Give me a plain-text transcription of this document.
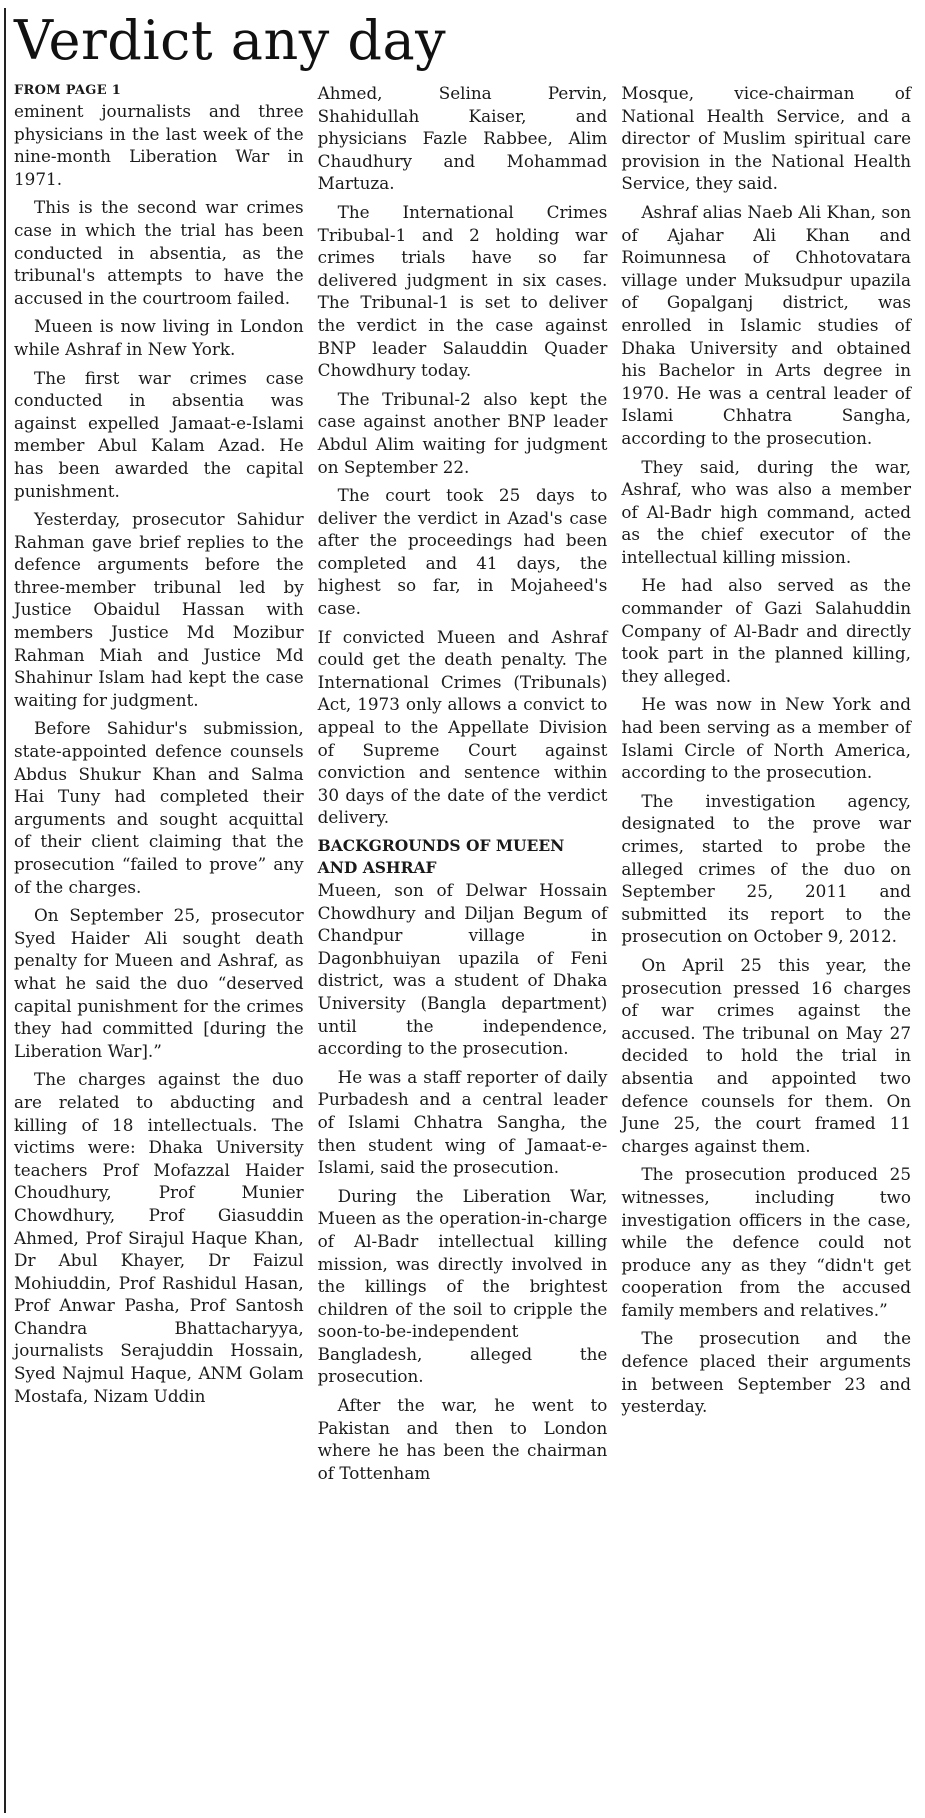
Verdict any day
FROM PAGE 1

eminent journalists and three physicians in the last week of the nine-month Liberation War in 1971.

This is the second war crimes case in which the trial has been conducted in absentia, as the tribunal's attempts to have the accused in the courtroom failed.

Mueen is now living in London while Ashraf in New York.

The first war crimes case conducted in absentia was against expelled Jamaat-e-Islami member Abul Kalam Azad. He has been awarded the capital punishment.

Yesterday, prosecutor Sahidur Rahman gave brief replies to the defence arguments before the three-member tribunal led by Justice Obaidul Hassan with members Justice Md Mozibur Rahman Miah and Justice Md Shahinur Islam had kept the case waiting for judgment.

Before Sahidur's submission, state-appointed defence counsels Abdus Shukur Khan and Salma Hai Tuny had completed their arguments and sought acquittal of their client claiming that the prosecution “failed to prove” any of the charges.

On September 25, prosecutor Syed Haider Ali sought death penalty for Mueen and Ashraf, as what he said the duo “deserved capital punishment for the crimes they had committed [during the Liberation War].”

The charges against the duo are related to abducting and killing of 18 intellectuals. The victims were: Dhaka University teachers Prof Mofazzal Haider Choudhury, Prof Munier Chowdhury, Prof Giasuddin Ahmed, Prof Sirajul Haque Khan, Dr Abul Khayer, Dr Faizul Mohiuddin, Prof Rashidul Hasan, Prof Anwar Pasha, Prof Santosh Chandra Bhattacharyya, journalists Serajuddin Hossain, Syed Najmul Haque, ANM Golam Mostafa, Nizam Uddin

Ahmed, Selina Pervin, Shahidullah Kaiser, and physicians Fazle Rabbee, Alim Chaudhury and Mohammad Martuza.

The International Crimes Tribubal-1 and 2 holding war crimes trials have so far delivered judgment in six cases. The Tribunal-1 is set to deliver the verdict in the case against BNP leader Salauddin Quader Chowdhury today.

The Tribunal-2 also kept the case against another BNP leader Abdul Alim waiting for judgment on September 22.

The court took 25 days to deliver the verdict in Azad's case after the proceedings had been completed and 41 days, the highest so far, in Mojaheed's case.

If convicted Mueen and Ashraf could get the death penalty. The International Crimes (Tribunals) Act, 1973 only allows a convict to appeal to the Appellate Division of Supreme Court against conviction and sentence within 30 days of the date of the verdict delivery.

BACKGROUNDS OF MUEEN AND ASHRAF

Mueen, son of Delwar Hossain Chowdhury and Diljan Begum of Chandpur village in Dagonbhuiyan upazila of Feni district, was a student of Dhaka University (Bangla department) until the independence, according to the prosecution.

He was a staff reporter of daily Purbadesh and a central leader of Islami Chhatra Sangha, the then student wing of Jamaat-e-Islami, said the prosecution.

During the Liberation War, Mueen as the operation-in-charge of Al-Badr intellectual killing mission, was directly involved in the killings of the brightest children of the soil to cripple the soon-to-be-independent Bangladesh, alleged the prosecution.

After the war, he went to Pakistan and then to London where he has been the chairman of Tottenham

Mosque, vice-chairman of National Health Service, and a director of Muslim spiritual care provision in the National Health Service, they said.

Ashraf alias Naeb Ali Khan, son of Ajahar Ali Khan and Roimunnesa of Chhotovatara village under Muksudpur upazila of Gopalganj district, was enrolled in Islamic studies of Dhaka University and obtained his Bachelor in Arts degree in 1970. He was a central leader of Islami Chhatra Sangha, according to the prosecution.

They said, during the war, Ashraf, who was also a member of Al-Badr high command, acted as the chief executor of the intellectual killing mission.

He had also served as the commander of Gazi Salahuddin Company of Al-Badr and directly took part in the planned killing, they alleged.

He was now in New York and had been serving as a member of Islami Circle of North America, according to the prosecution.

The investigation agency, designated to the prove war crimes, started to probe the alleged crimes of the duo on September 25, 2011 and submitted its report to the prosecution on October 9, 2012.

On April 25 this year, the prosecution pressed 16 charges of war crimes against the accused. The tribunal on May 27 decided to hold the trial in absentia and appointed two defence counsels for them. On June 25, the court framed 11 charges against them.

The prosecution produced 25 witnesses, including two investigation officers in the case, while the defence could not produce any as they “didn't get cooperation from the accused family members and relatives.”

The prosecution and the defence placed their arguments in between September 23 and yesterday.
